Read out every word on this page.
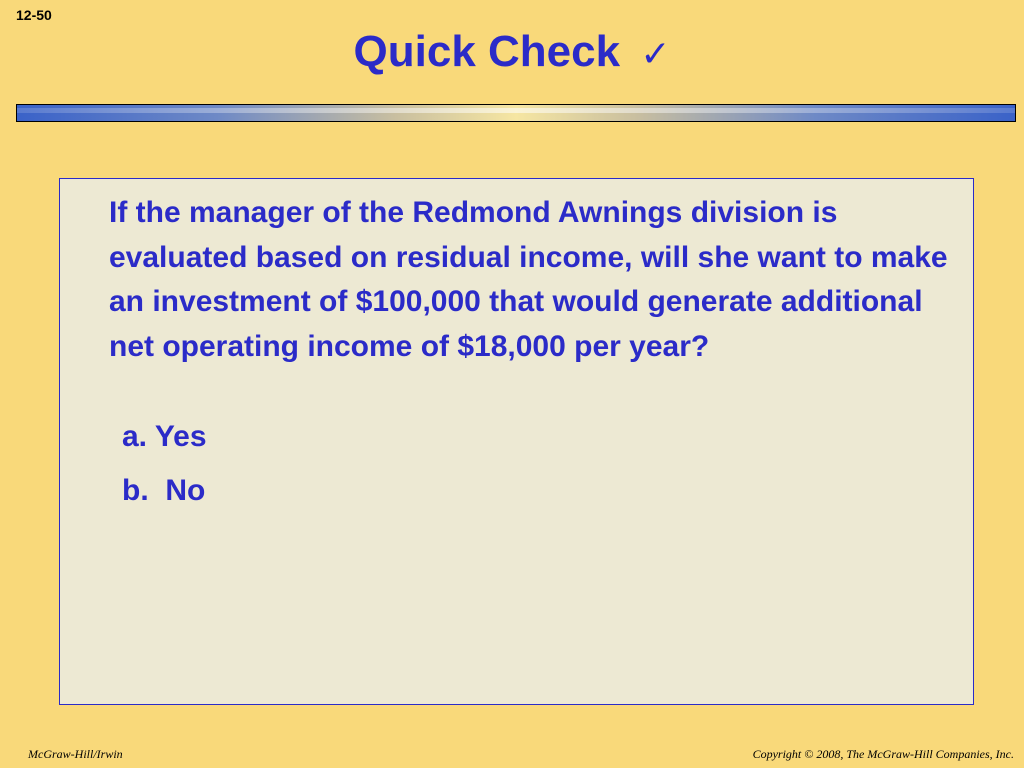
12-50
Quick Check ✓

If the manager of the Redmond Awnings division is evaluated based on residual income, will she want to make an investment of $100,000 that would generate additional net operating income of $18,000 per year?

a. Yes
b.  No
McGraw-Hill/Irwin	Copyright © 2008, The McGraw-Hill Companies, Inc.
